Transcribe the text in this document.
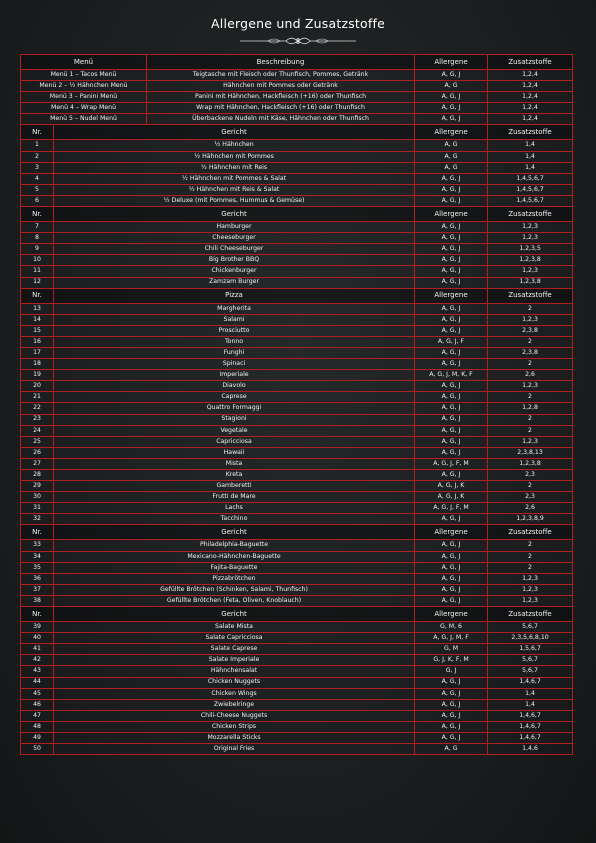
Allergene und Zusatzstoffe
Menü		Beschreibung	Allergene	Zusatzstoffe
Menü 1 – Tacos Menü		Teigtasche mit Fleisch oder Thunfisch, Pommes, Getränk	A, G, J	1,2,4
Menü 2 – ½ Hähnchen Menü		Hähnchen mit Pommes oder Getränk	A, G	1,2,4
Menü 3 – Panini Menü		Panini mit Hähnchen, Hackfleisch (+16) oder Thunfisch	A, G, J	1,2,4
Menü 4 – Wrap Menü		Wrap mit Hähnchen, Hackfleisch (+16) oder Thunfisch	A, G, J	1,2,4
Menü 5 – Nudel Menü		Überbackene Nudeln mit Käse, Hähnchen oder Thunfisch	A, G, J	1,2,4
Nr.	Gericht		Allergene	Zusatzstoffe
1	½ Hähnchen		A, G	1,4
2	½ Hähnchen mit Pommes		A, G	1,4
3	½ Hähnchen mit Reis		A, G	1,4
4	½ Hähnchen mit Pommes & Salat		A, G, J	1,4,5,6,7
5	½ Hähnchen mit Reis & Salat		A, G, J	1,4,5,6,7
6	½ Deluxe (mit Pommes, Hummus & Gemüse)		A, G, J	1,4,5,6,7
Nr.	Gericht		Allergene	Zusatzstoffe
7	Hamburger		A, G, J	1,2,3
8	Cheeseburger		A, G, J	1,2,3
9	Chili Cheeseburger		A, G, J	1,2,3,5
10	Big Brother BBQ		A, G, J	1,2,3,8
11	Chickenburger		A, G, J	1,2,3
12	Zamzam Burger		A, G, J	1,2,3,8
Nr.	Pizza		Allergene	Zusatzstoffe
13	Margherita		A, G, J	2
14	Salami		A, G, J	1,2,3
15	Prosciutto		A, G, J	2,3,8
16	Tonno		A, G, J, F	2
17	Funghi		A, G, J	2,3,8
18	Spinaci		A, G, J	2
19	Imperiale		A, G, J, M, K, F	2,6
20	Diavolo		A, G, J	1,2,3
21	Caprese		A, G, J	2
22	Quattro Formaggi		A, G, J	1,2,8
23	Stagioni		A, G, J	2
24	Vegetale		A, G, J	2
25	Capricciosa		A, G, J	1,2,3
26	Hawaii		A, G, J	2,3,8,13
27	Mista		A, G, J, F, M	1,2,3,8
28	Kreta		A, G, J	2,3
29	Gamberetti		A, G, J, K	2
30	Frutti de Mare		A, G, J, K	2,3
31	Lachs		A, G, J, F, M	2,6
32	Tacchino		A, G, J	1,2,3,8,9
Nr.	Gericht		Allergene	Zusatzstoffe
33	Philadelphia-Baguette		A, G, J	2
34	Mexicano-Hähnchen-Baguette		A, G, J	2
35	Fajita-Baguette		A, G, J	2
36	Pizzabrötchen		A, G, J	1,2,3
37	Gefüllte Brötchen (Schinken, Salami, Thunfisch)		A, G, J	1,2,3
38	Gefüllte Brötchen (Feta, Oliven, Knoblauch)		A, G, J	1,2,3
Nr.	Gericht		Allergene	Zusatzstoffe
39	Salate Mista		G, M, 6	5,6,7
40	Salate Capricciosa		A, G, J, M, F	2,3,5,6,8,10
41	Salate Caprese		G, M	1,5,6,7
42	Salate Imperiale		G, J, K, F, M	5,6,7
43	Hähnchensalat		G, J	5,6,7
44	Chicken Nuggets		A, G, J	1,4,6,7
45	Chicken Wings		A, G, J	1,4
46	Zwiebelringe		A, G, J	1,4
47	Chili-Cheese Nuggets		A, G, J	1,4,6,7
48	Chicken Strips		A, G, J	1,4,6,7
49	Mozzarella Sticks		A, G, J	1,4,6,7
50	Original Fries		A, G	1,4,6
